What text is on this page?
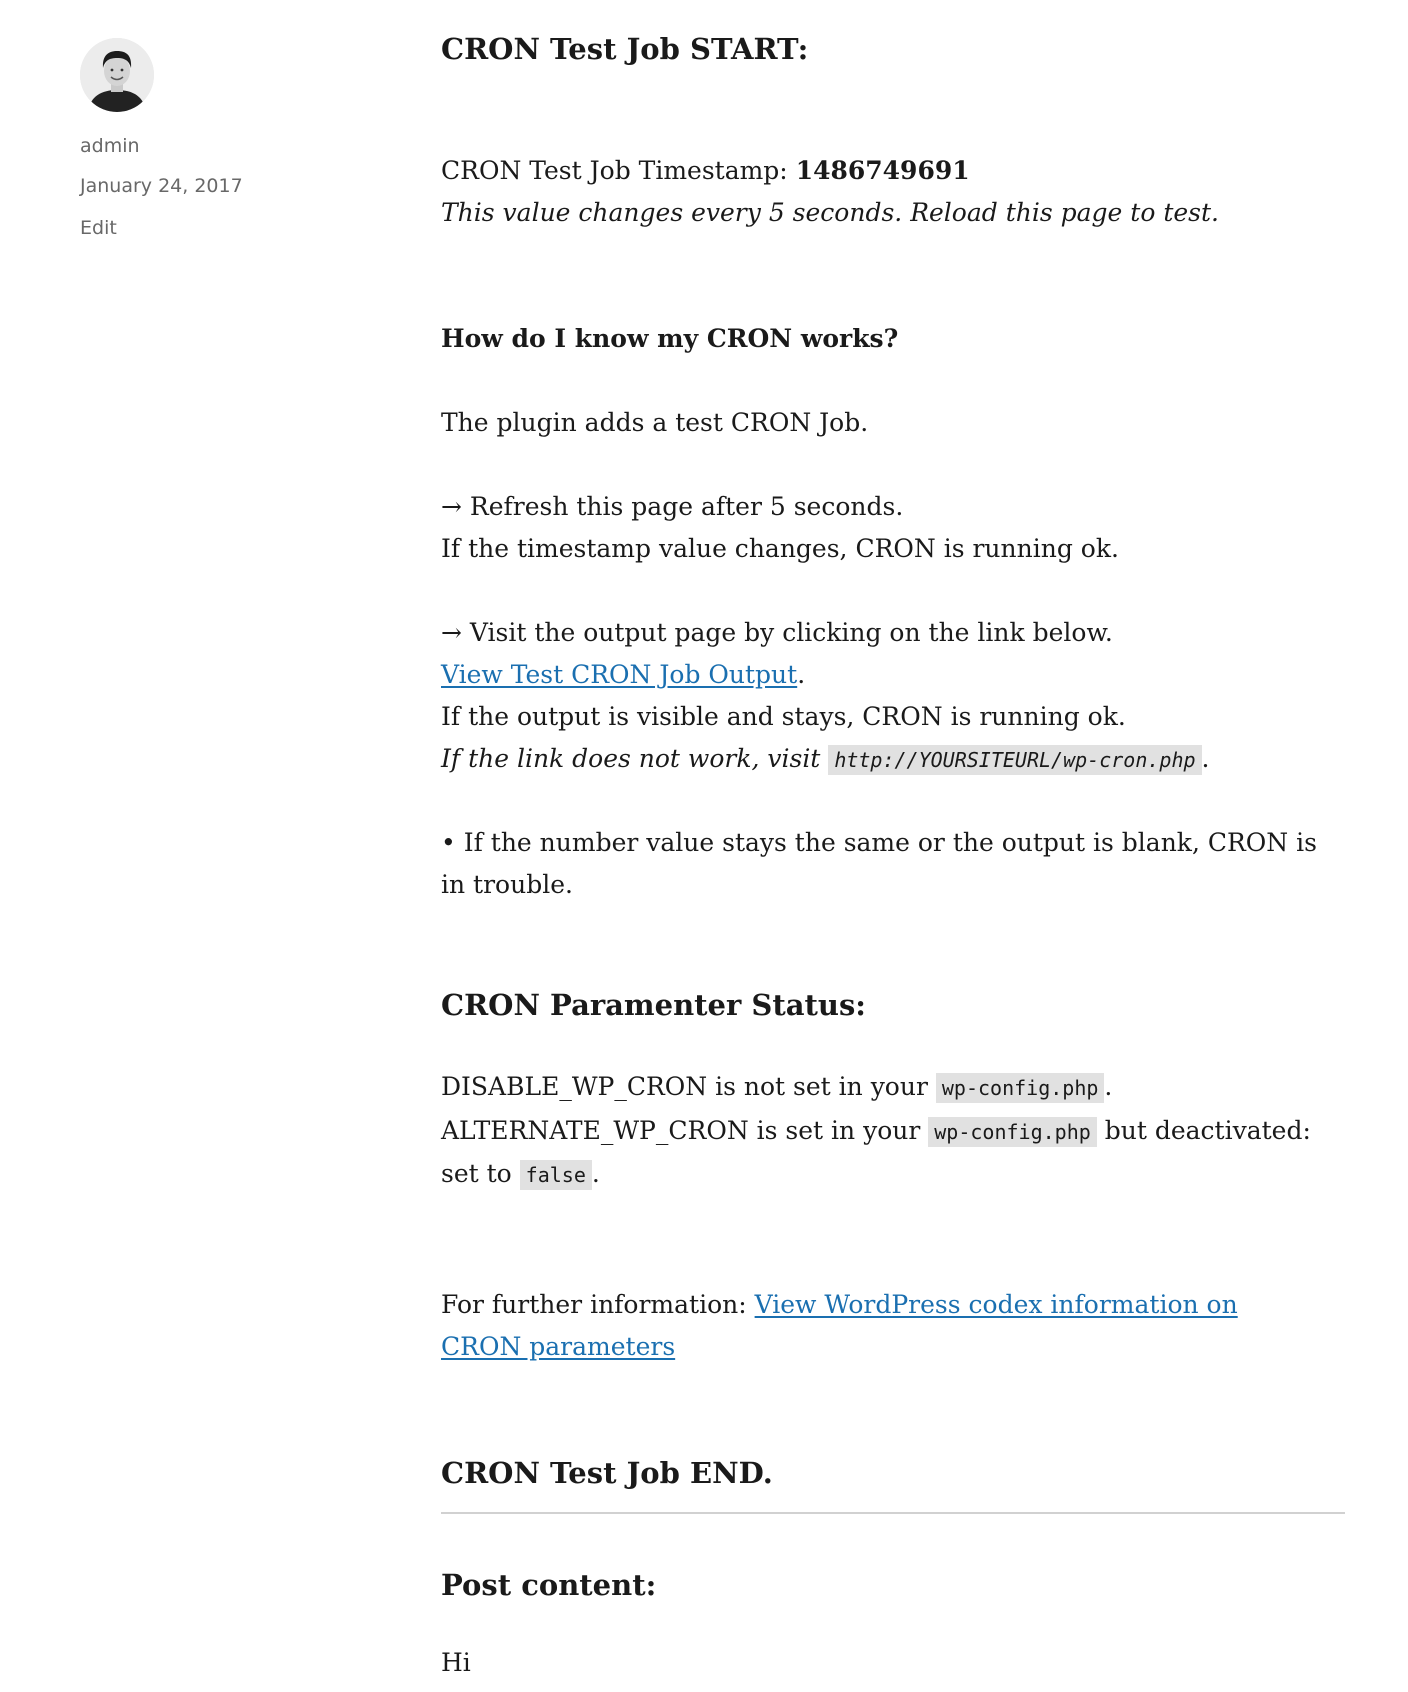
admin
January 24, 2017
Edit
CRON Test Job START:
CRON Test Job Timestamp: 1486749691
This value changes every 5 seconds. Reload this page to test.
How do I know my CRON works?
The plugin adds a test CRON Job.
→ Refresh this page after 5 seconds.
If the timestamp value changes, CRON is running ok.
→ Visit the output page by clicking on the link below.
View Test CRON Job Output.
If the output is visible and stays, CRON is running ok.
If the link does not work, visit http://YOURSITEURL/wp-cron.php .
• If the number value stays the same or the output is blank, CRON is in trouble.
CRON Paramenter Status:
DISABLE_WP_CRON is not set in your wp-config.php .
ALTERNATE_WP_CRON is set in your wp-config.php but deactivated: set to false .
For further information: View WordPress codex information on CRON parameters
CRON Test Job END.
Post content:
Hi
